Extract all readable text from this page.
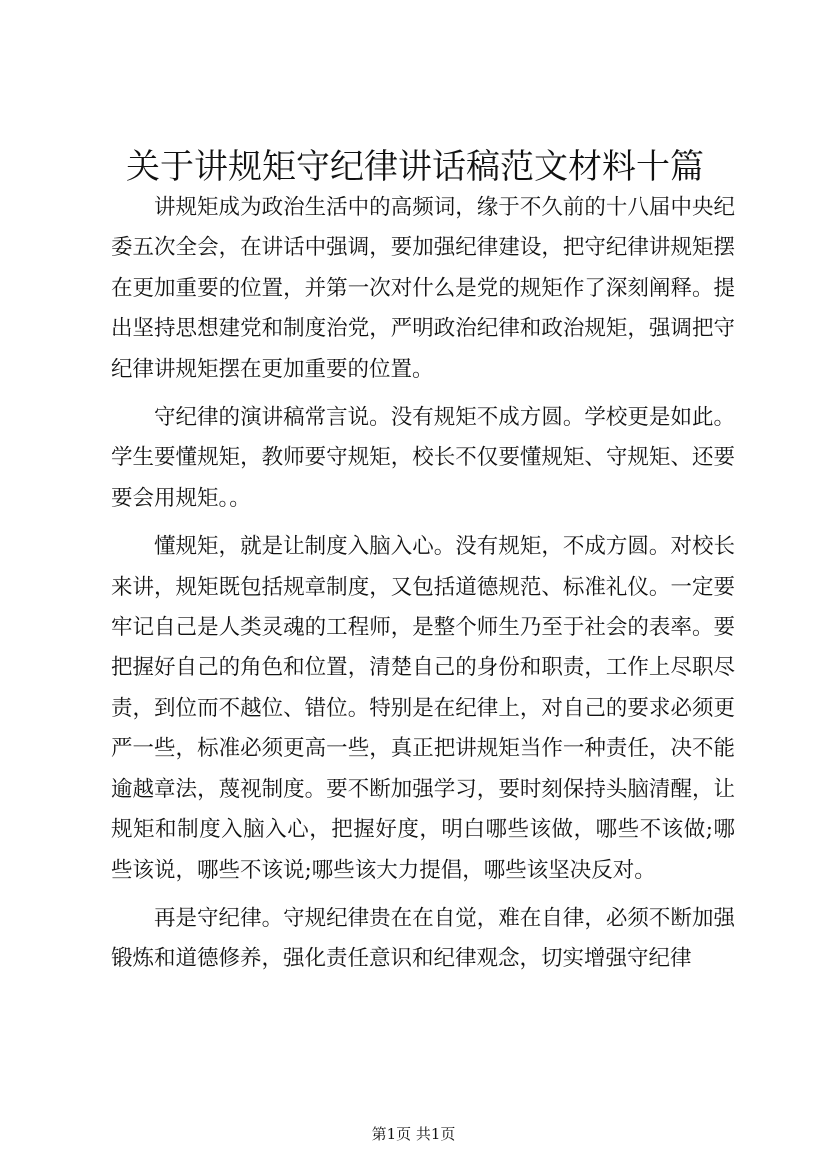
关于讲规矩守纪律讲话稿范文材料十篇

讲规矩成为政治生活中的高频词，缘于不久前的十八届中央纪委五次全会，在讲话中强调，要加强纪律建设，把守纪律讲规矩摆在更加重要的位置，并第一次对什么是党的规矩作了深刻阐释。提出坚持思想建党和制度治党，严明政治纪律和政治规矩，强调把守纪律讲规矩摆在更加重要的位置。

守纪律的演讲稿常言说。没有规矩不成方圆。学校更是如此。学生要懂规矩，教师要守规矩，校长不仅要懂规矩、守规矩、还要要会用规矩。。

懂规矩，就是让制度入脑入心。没有规矩，不成方圆。对校长来讲，规矩既包括规章制度，又包括道德规范、标准礼仪。一定要牢记自己是人类灵魂的工程师，是整个师生乃至于社会的表率。要把握好自己的角色和位置，清楚自己的身份和职责，工作上尽职尽责，到位而不越位、错位。特别是在纪律上，对自己的要求必须更严一些，标准必须更高一些，真正把讲规矩当作一种责任，决不能逾越章法，蔑视制度。要不断加强学习，要时刻保持头脑清醒，让规矩和制度入脑入心，把握好度，明白哪些该做，哪些不该做;哪些该说，哪些不该说;哪些该大力提倡，哪些该坚决反对。

再是守纪律。守规纪律贵在在自觉，难在自律，必须不断加强锻炼和道德修养，强化责任意识和纪律观念，切实增强守纪律

第1页 共1页
